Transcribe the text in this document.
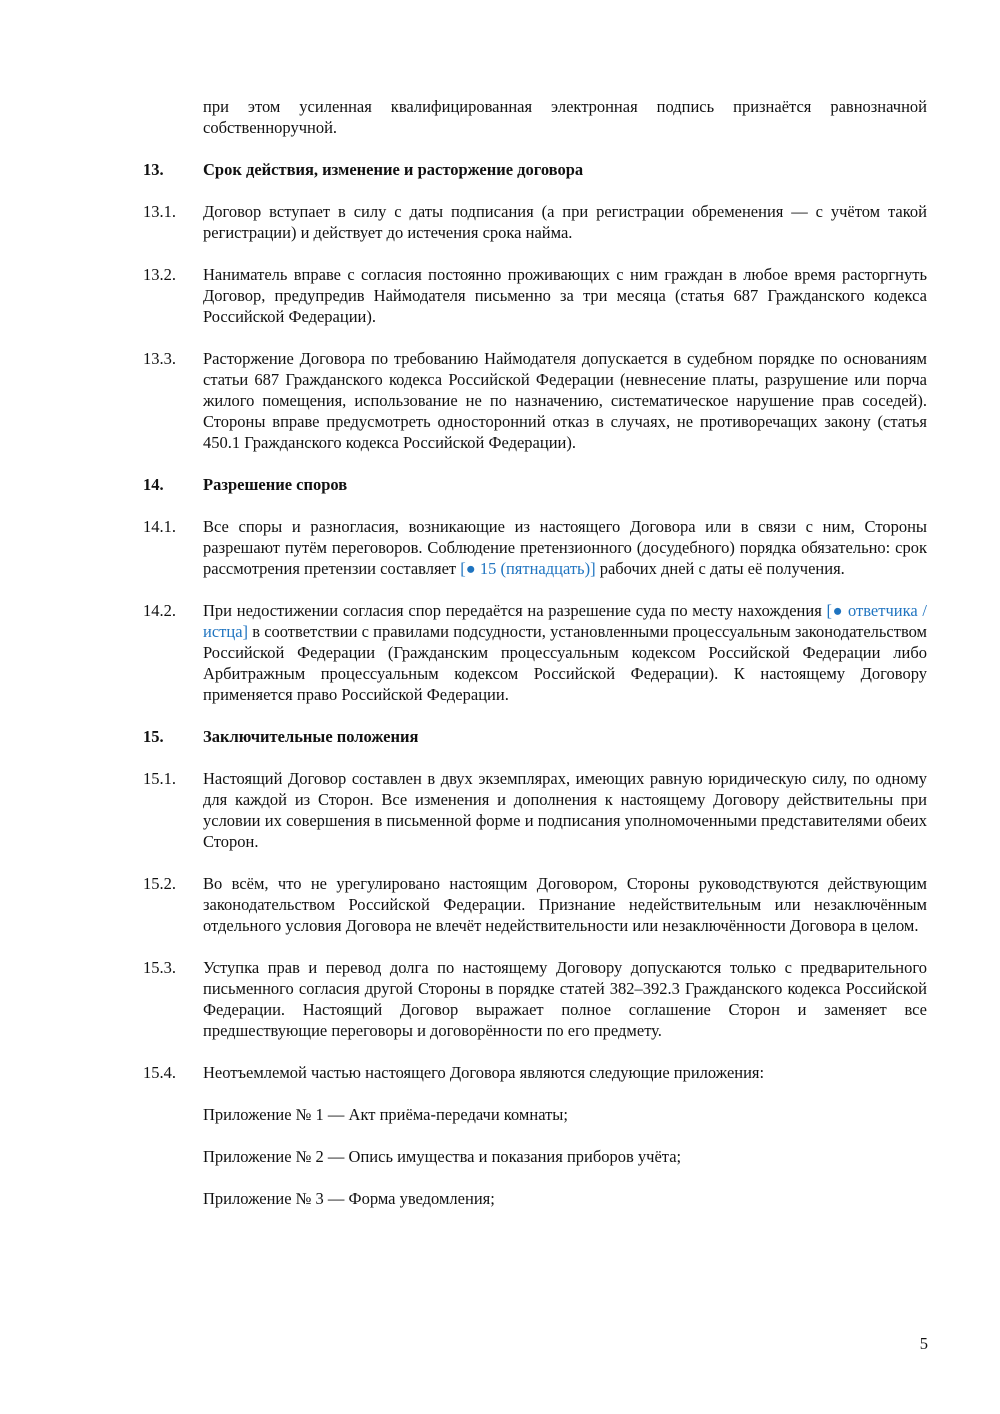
при этом усиленная квалифицированная электронная подпись признаётся равнозначной собственноручной.
13.	Срок действия, изменение и расторжение договора
13.1.	Договор вступает в силу с даты подписания (а при регистрации обременения — с учётом такой регистрации) и действует до истечения срока найма.
13.2.	Наниматель вправе с согласия постоянно проживающих с ним граждан в любое время расторгнуть Договор, предупредив Наймодателя письменно за три месяца (статья 687 Гражданского кодекса Российской Федерации).
13.3.	Расторжение Договора по требованию Наймодателя допускается в судебном порядке по основаниям статьи 687 Гражданского кодекса Российской Федерации (невнесение платы, разрушение или порча жилого помещения, использование не по назначению, систематическое нарушение прав соседей). Стороны вправе предусмотреть односторонний отказ в случаях, не противоречащих закону (статья 450.1 Гражданского кодекса Российской Федерации).
14.	Разрешение споров
14.1.	Все споры и разногласия, возникающие из настоящего Договора или в связи с ним, Стороны разрешают путём переговоров. Соблюдение претензионного (досудебного) порядка обязательно: срок рассмотрения претензии составляет [● 15 (пятнадцать)] рабочих дней с даты её получения.
14.2.	При недостижении согласия спор передаётся на разрешение суда по месту нахождения [● ответчика / истца] в соответствии с правилами подсудности, установленными процессуальным законодательством Российской Федерации (Гражданским процессуальным кодексом Российской Федерации либо Арбитражным процессуальным кодексом Российской Федерации). К настоящему Договору применяется право Российской Федерации.
15.	Заключительные положения
15.1.	Настоящий Договор составлен в двух экземплярах, имеющих равную юридическую силу, по одному для каждой из Сторон. Все изменения и дополнения к настоящему Договору действительны при условии их совершения в письменной форме и подписания уполномоченными представителями обеих Сторон.
15.2.	Во всём, что не урегулировано настоящим Договором, Стороны руководствуются действующим законодательством Российской Федерации. Признание недействительным или незаключённым отдельного условия Договора не влечёт недействительности или незаключённости Договора в целом.
15.3.	Уступка прав и перевод долга по настоящему Договору допускаются только с предварительного письменного согласия другой Стороны в порядке статей 382–392.3 Гражданского кодекса Российской Федерации. Настоящий Договор выражает полное соглашение Сторон и заменяет все предшествующие переговоры и договорённости по его предмету.
15.4.	Неотъемлемой частью настоящего Договора являются следующие приложения:
Приложение № 1 — Акт приёма-передачи комнаты;
Приложение № 2 — Опись имущества и показания приборов учёта;
Приложение № 3 — Форма уведомления;
5
